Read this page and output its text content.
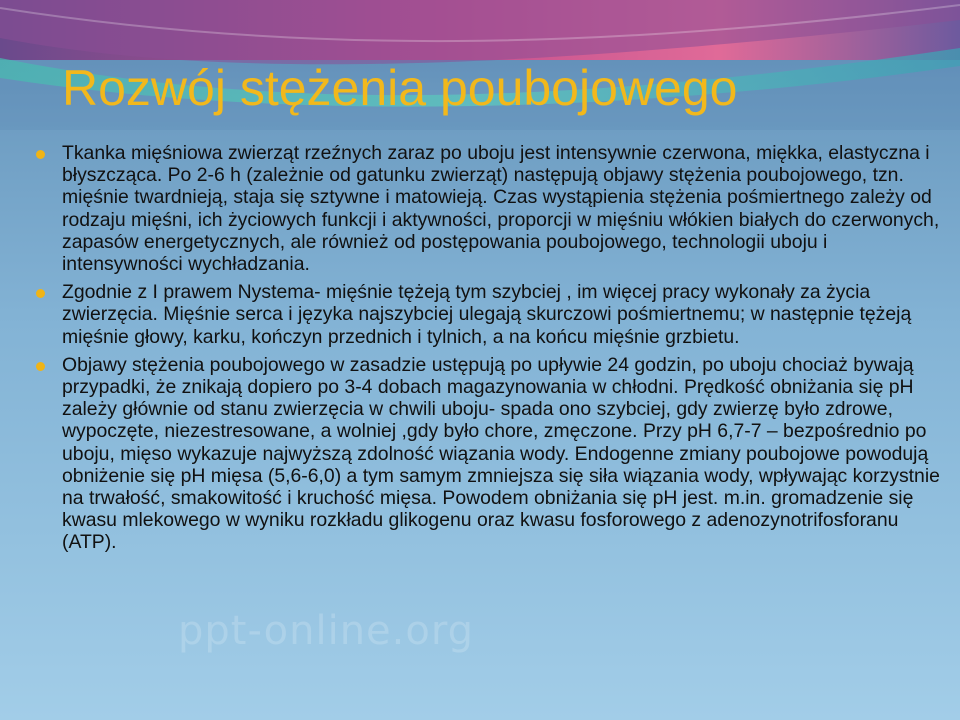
Rozwój stężenia poubojowego
Tkanka mięśniowa zwierząt rzeźnych zaraz po uboju jest intensywnie czerwona, miękka, elastyczna i błyszcząca. Po 2-6 h (zależnie od gatunku zwierząt) następują objawy stężenia poubojowego, tzn. mięśnie twardnieją, staja się sztywne i matowieją. Czas wystąpienia stężenia pośmiertnego zależy od rodzaju mięśni, ich życiowych funkcji i aktywności, proporcji w mięśniu włókien białych do czerwonych, zapasów energetycznych, ale również od postępowania poubojowego, technologii uboju i intensywności wychładzania.
Zgodnie z I prawem Nystema- mięśnie tężeją tym szybciej , im więcej pracy wykonały za życia zwierzęcia. Mięśnie serca i języka najszybciej ulegają skurczowi pośmiertnemu; w następnie tężeją mięśnie głowy, karku, kończyn przednich i tylnich, a na końcu mięśnie grzbietu.
Objawy stężenia poubojowego w zasadzie ustępują po upływie 24 godzin, po uboju chociaż bywają przypadki, że znikają dopiero po 3-4 dobach magazynowania w chłodni. Prędkość obniżania się pH zależy głównie od stanu zwierzęcia w chwili uboju- spada ono szybciej, gdy zwierzę było zdrowe, wypoczęte, niezestresowane, a wolniej ,gdy było chore, zmęczone. Przy pH 6,7-7 – bezpośrednio po uboju, mięso wykazuje najwyższą zdolność wiązania wody. Endogenne zmiany poubojowe powodują obniżenie się pH mięsa (5,6-6,0) a tym samym zmniejsza się siła wiązania wody, wpływając korzystnie na trwałość, smakowitość i kruchość mięsa. Powodem obniżania się pH jest. m.in. gromadzenie się kwasu mlekowego w wyniku rozkładu glikogenu oraz kwasu fosforowego z adenozynotrifosforanu (ATP).
ppt-online.org
